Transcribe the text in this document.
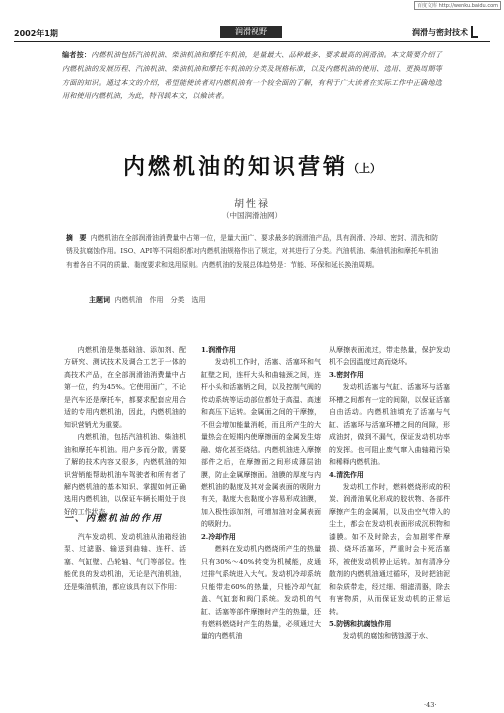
百度文库 http://wenku.baidu.com
2002年1期	润滑视野	润滑与密封技术
编者按：内燃机油包括汽油机油、柴油机油和摩托车机油，是量最大、品种最多、要求最高的润滑油。本文简要介绍了内燃机油的发展历程、汽油机油、柴油机油和摩托车机油的分类及规格标准，以及内燃机油的使用、选用、更换周期等方面的知识。通过本文的介绍，希望能使读者对内燃机油有一个较全面的了解，有利于广大读者在实际工作中正确地选用和使用内燃机油，为此，特刊载本文，以飨读者。
内燃机油的知识营销（上）
胡性禄
（中国润滑油网）
摘　要 内燃机油在全部润滑油消费量中占第一位，是量大面广、要求最多的润滑油产品，具有润滑、冷却、密封、清洗和防锈及抗腐蚀作用。ISO、API等不同组织都对内燃机油规格作出了规定，对其进行了分类。汽油机油、柴油机油和摩托车机油有着各自不同的质量、黏度要求和选用原则。内燃机油的发展总体趋势是：节能、环保和延长换油周期。
主题词 内燃机油　作用　分类　选用

内燃机油是集基础油、添加剂、配方研究、测试技术及调合工艺于一体的高技术产品，在全部润滑油消费量中占第一位，约为45%。它使用面广，不论是汽车还是摩托车，都要求配套应用合适的专用内燃机油，因此，内燃机油的知识营销尤为重要。

内燃机油，包括汽油机油、柴油机油和摩托车机油。用户多而分散，需要了解的技术内容又很多，内燃机油的知识营销能帮助机油车驾驶者和所有者了解内燃机油的基本知识、掌握如何正确选用内燃机油，以保证车辆长期处于良好的工作状态。

一、内燃机油的作用

汽车发动机、发动机油从油箱经油泵、过滤器、输送到曲轴、连杆、活塞、气缸壁、凸轮轴、气门等部位。性能优良的发动机油，无论是汽油机油，还是柴油机油，都应该具有以下作用：

1.润滑作用

发动机工作时，活塞、活塞环和气缸壁之间，连杆大头和曲轴颈之间，连杆小头和活塞销之间，以及控制气阀的传动系统等运动部位都处于高温、高速和高压下运转。金属面之间的干摩擦，不但会增加能量消耗，而且所产生的大量热会在短期内使摩擦面的金属发生熔融、熔化甚至烧结。内燃机油进入摩擦部件之后，在摩擦面之间形成薄层油膜，防止金属摩擦面。油膜的厚度与内燃机油的黏度及其对金属表面的吸附力有关，黏度大也黏度小容易形成油膜，加入极性添加剂，可增加油对金属表面的吸附力。

2.冷却作用

燃料在发动机内燃烧所产生的热量只有30%～40%转变为机械能，皮通过排气系统进入大气。发动机冷却系统只能带走60%的热量，只能冷却气缸盖、气缸套和阀门系统。发动机的气缸、活塞等部件摩擦时产生的热量，还有燃料燃烧时产生的热量，必须通过大量的内燃机油

从摩擦表面流过，带走热量，保护发动机不会因温度过高而烧坏。

3.密封作用

发动机活塞与气缸、活塞环与活塞环槽之间都有一定的间隙，以保证活塞自由活动。内燃机油填充了活塞与气缸、活塞环与活塞环槽之间的间隙，形成油封，做到不漏气，保证发动机功率的发挥。也可阻止废气窜入曲轴箱污染和稀释内燃机油。

4.清洗作用

发动机工作时，燃料燃烧形成的积炭、润滑油氧化形成的胶状物、各部件摩擦产生的金属屑，以及由空气带入的尘土，都会在发动机表面形成沉积物和漆膜。如不及时除去，会加剧零件摩损、烧坏活塞环，严重时会卡死活塞环，被使发动机停止运转。加有清净分散剂的内燃机油通过循环，及时把油泥和杂质带走，经过细、细滤清器，除去有害物质，从而保证发动机的正常运转。

5.防锈和抗腐蚀作用

发动机的腐蚀和锈蚀源于水、

·43·
